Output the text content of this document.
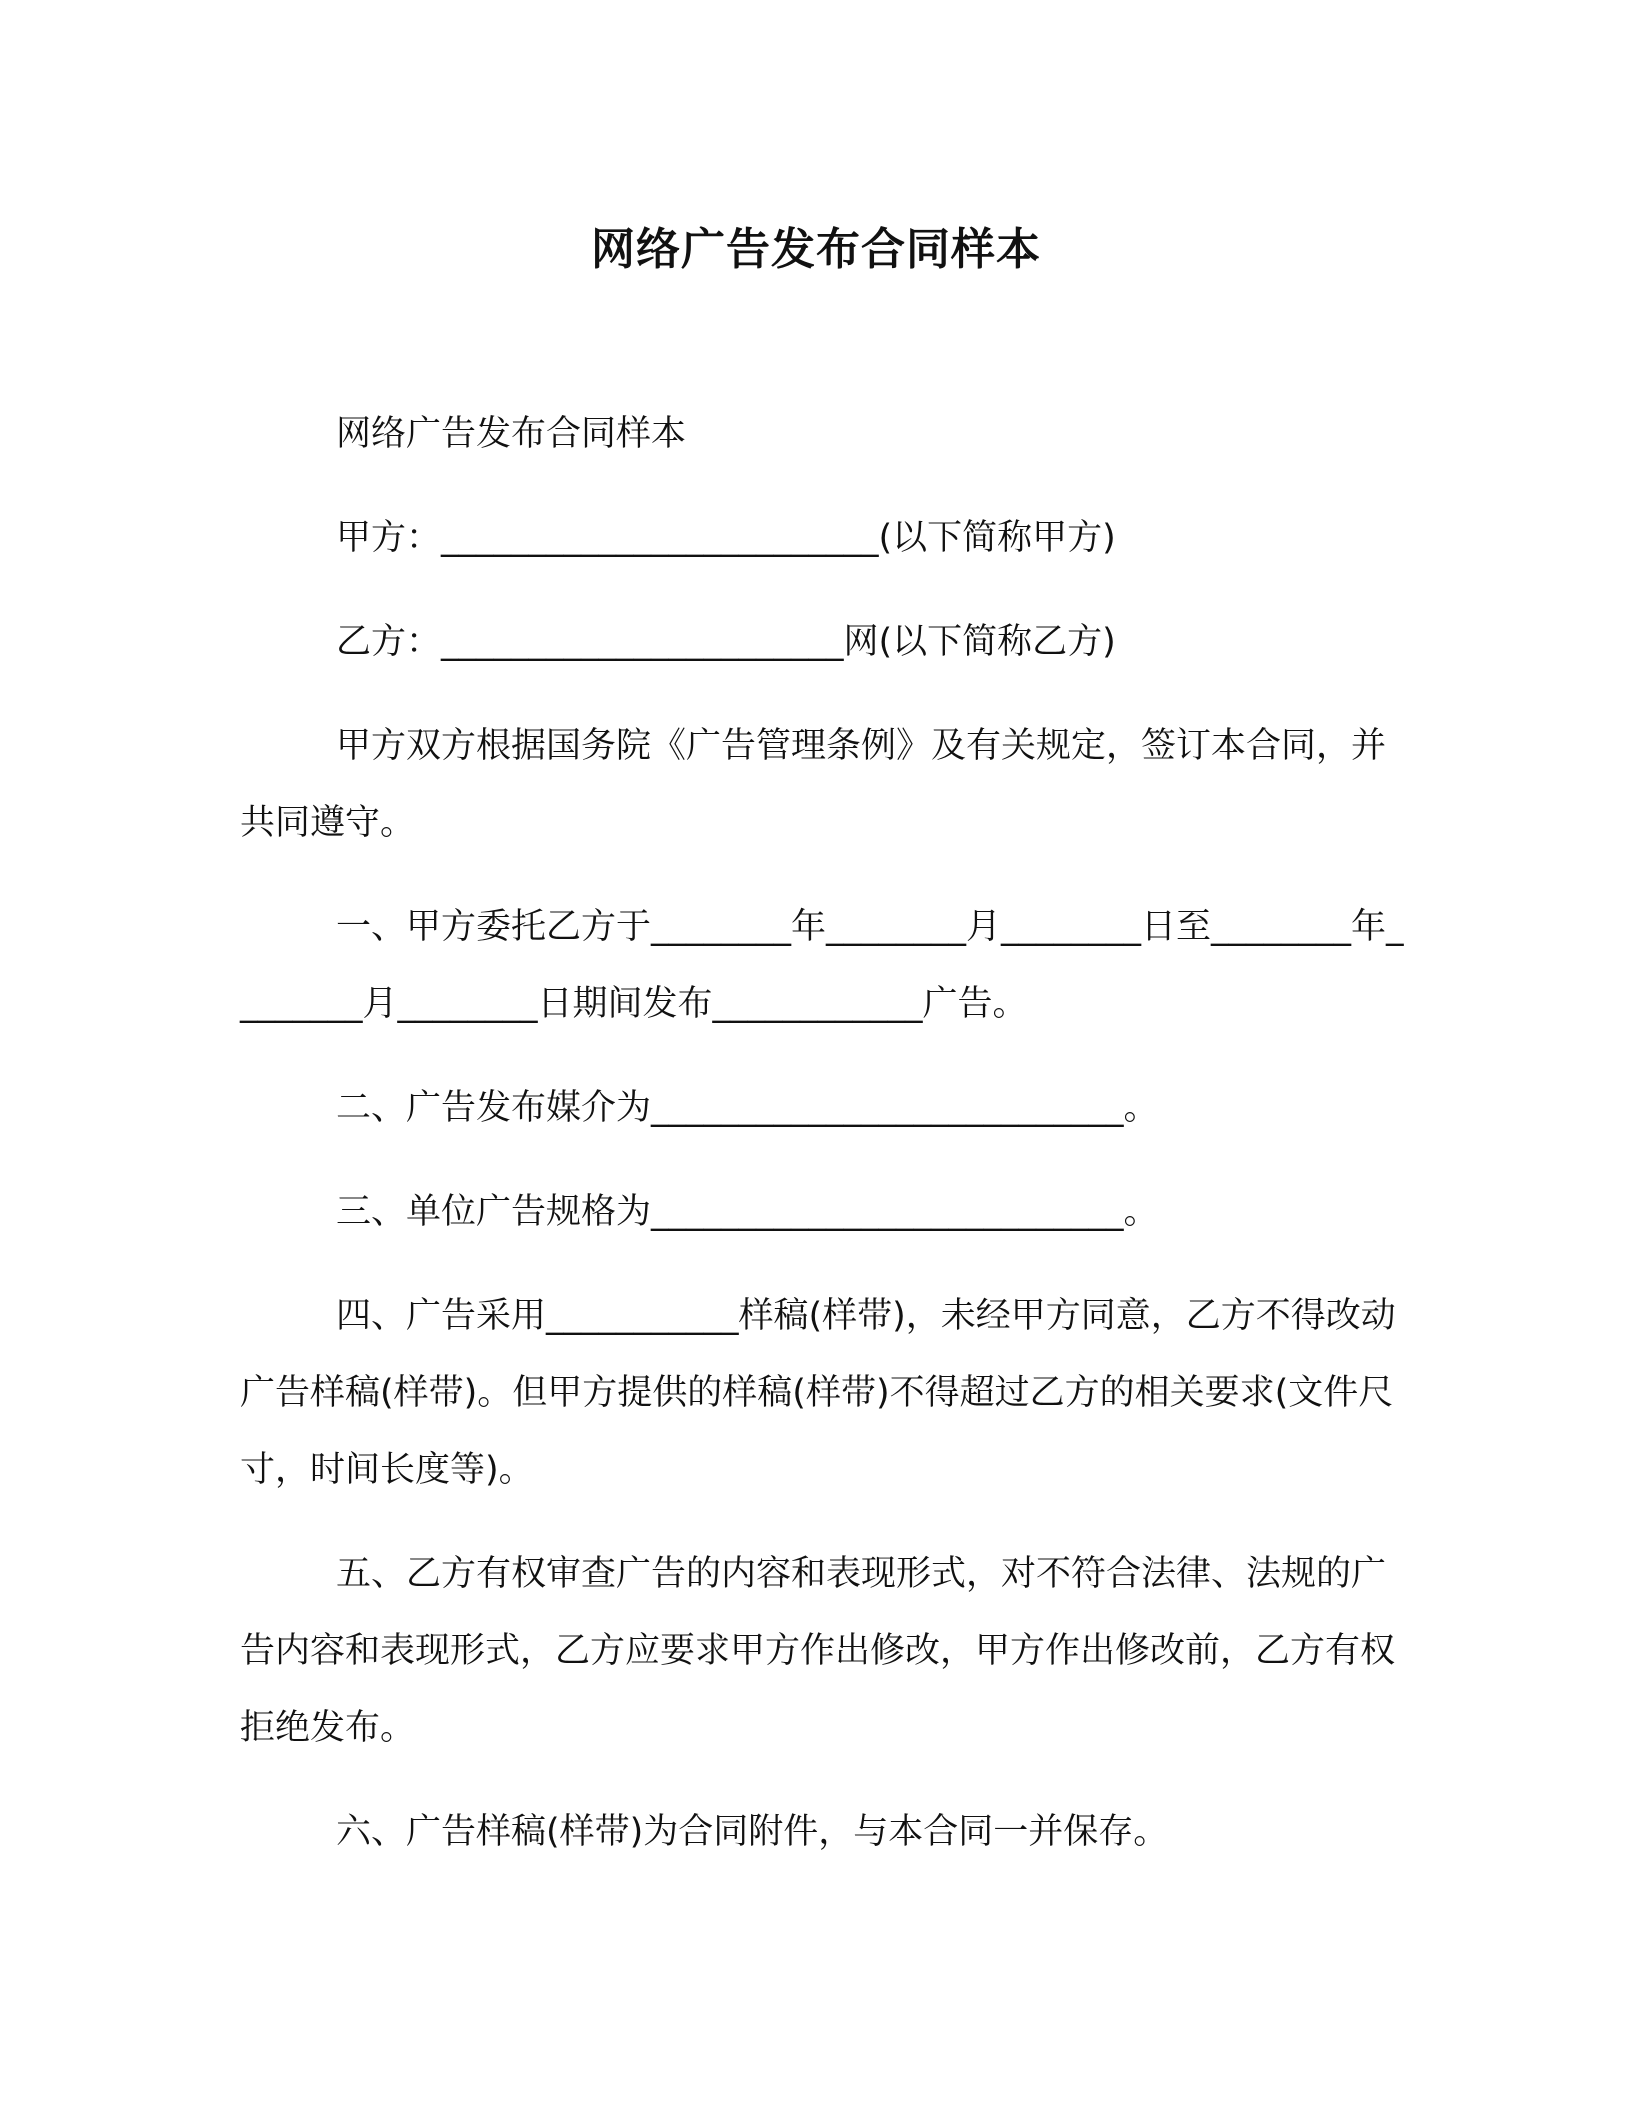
网络广告发布合同样本

网络广告发布合同样本

甲方：_________________________(以下简称甲方)

乙方：_______________________网(以下简称乙方)

甲方双方根据国务院《广告管理条例》及有关规定，签订本合同，并共同遵守。

一、甲方委托乙方于________年________月________日至________年________月________日期间发布____________广告。

二、广告发布媒介为___________________________。

三、单位广告规格为___________________________。

四、广告采用___________样稿(样带)，未经甲方同意，乙方不得改动广告样稿(样带)。但甲方提供的样稿(样带)不得超过乙方的相关要求(文件尺寸，时间长度等)。

五、乙方有权审查广告的内容和表现形式，对不符合法律、法规的广告内容和表现形式，乙方应要求甲方作出修改，甲方作出修改前，乙方有权拒绝发布。

六、广告样稿(样带)为合同附件，与本合同一并保存。
